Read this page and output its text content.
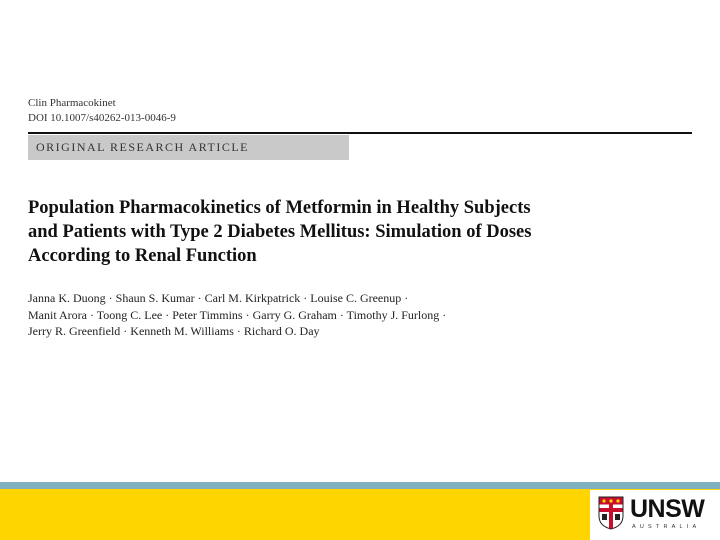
Clin Pharmacokinet
DOI 10.1007/s40262-013-0046-9
ORIGINAL RESEARCH ARTICLE
Population Pharmacokinetics of Metformin in Healthy Subjects
and Patients with Type 2 Diabetes Mellitus: Simulation of Doses
According to Renal Function
Janna K. Duong · Shaun S. Kumar · Carl M. Kirkpatrick · Louise C. Greenup ·
Manit Arora · Toong C. Lee · Peter Timmins · Garry G. Graham · Timothy J. Furlong ·
Jerry R. Greenfield · Kenneth M. Williams · Richard O. Day
UNSW
AUSTRALIA
